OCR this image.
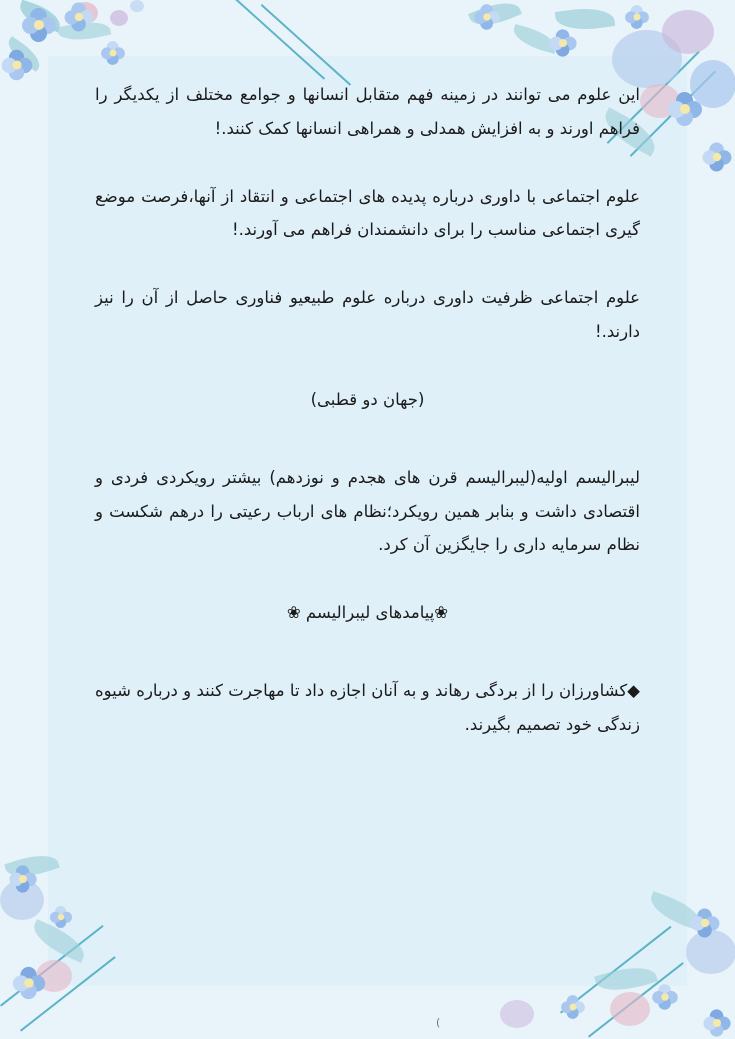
این علوم می توانند در زمینه فهم متقابل انسانها و جوامع مختلف از یکدیگر را فراهم اورند و به افزایش همدلی و همراهی انسانها کمک کنند.!

علوم اجتماعی با داوری درباره پدیده های اجتماعی و انتقاد از آنها،فرصت موضع گیری اجتماعی مناسب را برای دانشمندان فراهم می آورند.!

علوم اجتماعی ظرفیت داوری درباره علوم طبیعیو فناوری حاصل از آن را نیز دارند.!

(جهان دو قطبی)

لیبرالیسم اولیه(لیبرالیسم قرن های هجدم و نوزدهم) بیشتر رویکردی فردی و اقتصادی داشت و بنابر همین رویکرد؛نظام های ارباب رعیتی را درهم شکست و نظام سرمایه داری را جایگزین آن کرد.

❀پیامدهای لیبرالیسم ❀

◆کشاورزان را از بردگی رهاند و به آنان اجازه داد تا مهاجرت کنند و درباره شیوه زندگی خود تصمیم بگیرند.

)
